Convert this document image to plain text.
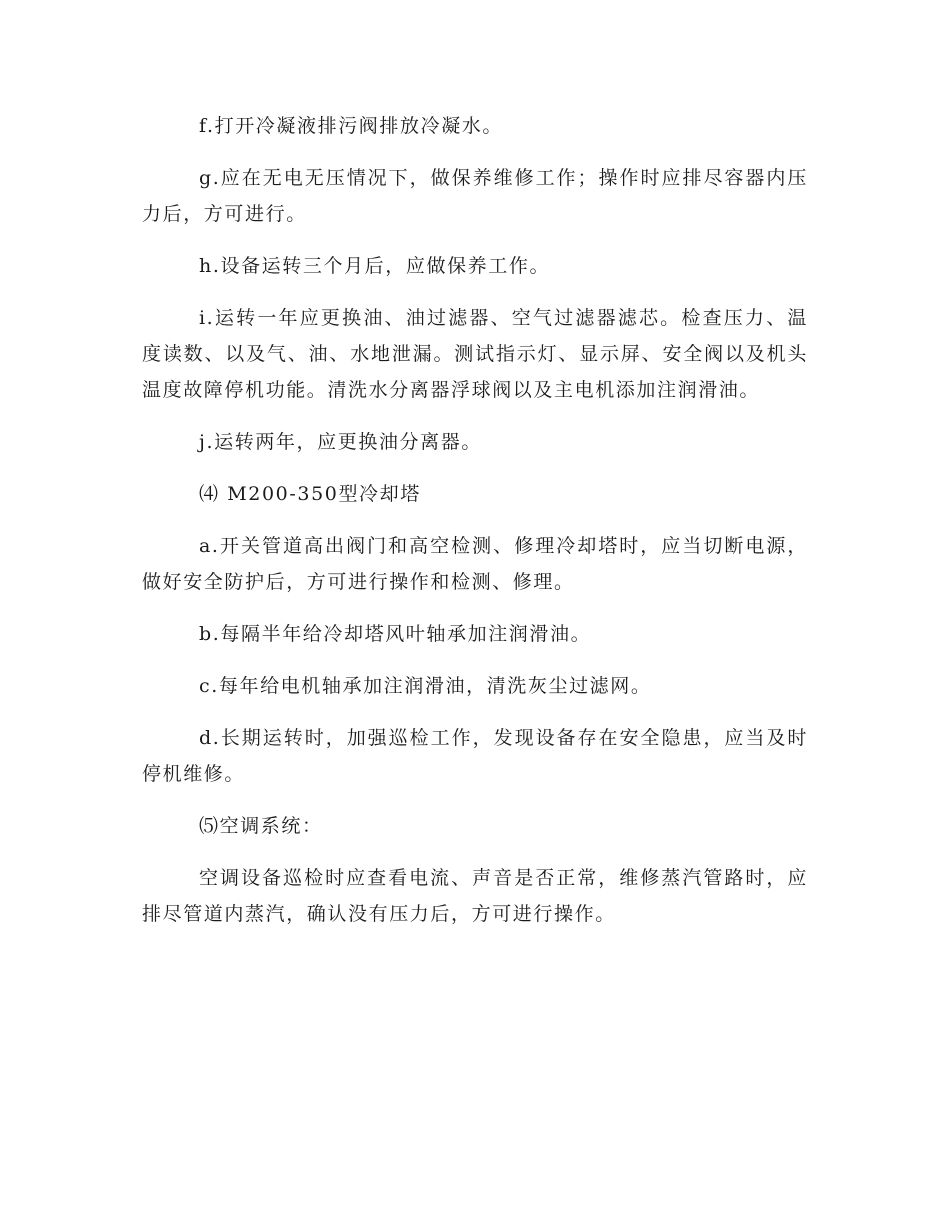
f.打开冷凝液排污阀排放冷凝水。

g.应在无电无压情况下，做保养维修工作；操作时应排尽容器内压力后，方可进行。

h.设备运转三个月后，应做保养工作。

i.运转一年应更换油、油过滤器、空气过滤器滤芯。检查压力、温度读数、以及气、油、水地泄漏。测试指示灯、显示屏、安全阀以及机头温度故障停机功能。清洗水分离器浮球阀以及主电机添加注润滑油。

j.运转两年，应更换油分离器。

⑷ M200-350型冷却塔

a.开关管道高出阀门和高空检测、修理冷却塔时，应当切断电源，做好安全防护后，方可进行操作和检测、修理。

b.每隔半年给冷却塔风叶轴承加注润滑油。

c.每年给电机轴承加注润滑油，清洗灰尘过滤网。

d.长期运转时，加强巡检工作，发现设备存在安全隐患，应当及时停机维修。

⑸空调系统：

空调设备巡检时应查看电流、声音是否正常，维修蒸汽管路时，应排尽管道内蒸汽，确认没有压力后，方可进行操作。
